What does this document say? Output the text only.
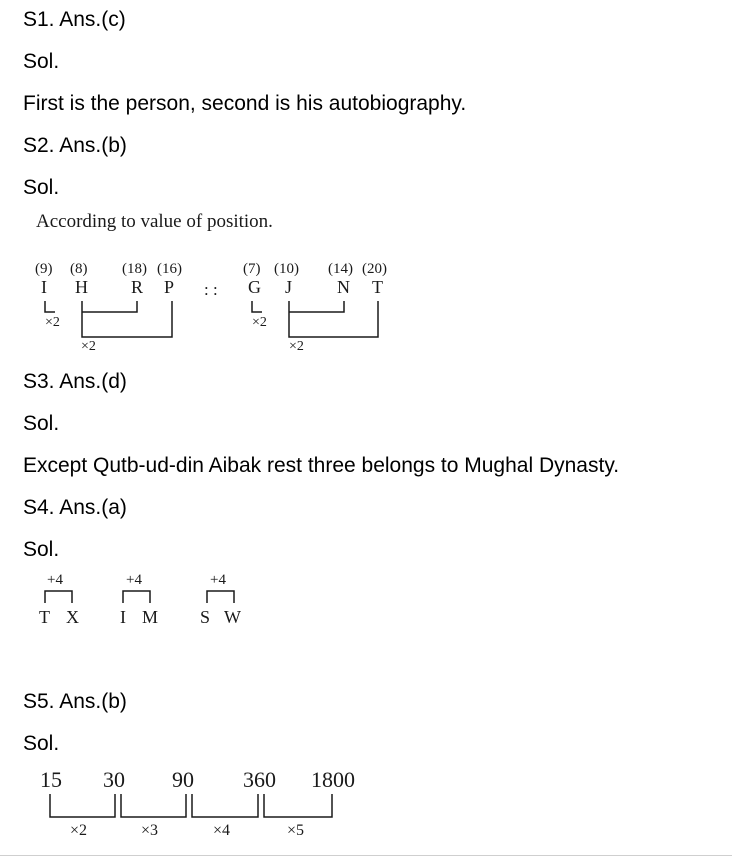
S1. Ans.(c)
Sol.
First is the person, second is his autobiography.
S2. Ans.(b)
Sol.
According to value of position.
(9) (8) (18) (16)
I H R P : :
(7) (10) (14) (20)
G J N T
×2
×2
×2
×2
S3. Ans.(d)
Sol.
Except Qutb-ud-din Aibak rest three belongs to Mughal Dynasty.
S4. Ans.(a)
Sol.
+4	+4	+4
T X I M S W
S5. Ans.(b)
Sol.
15 30 90 360 1800
×2	×3	×4	×5
